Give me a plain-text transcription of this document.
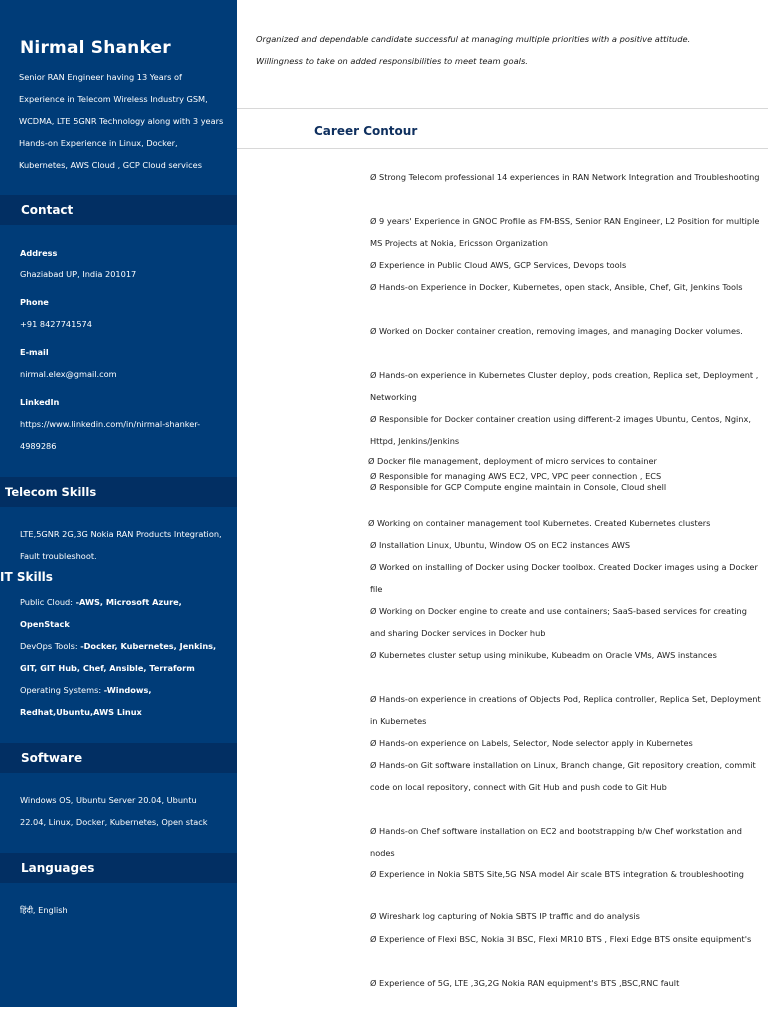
Nirmal Shanker
Senior RAN Engineer having 13 Years of Experience in Telecom Wireless Industry GSM, WCDMA, LTE 5GNR Technology along with 3 years Hands-on Experience in Linux, Docker, Kubernetes, AWS Cloud , GCP Cloud services
Contact
Address
Ghaziabad UP, India 201017
Phone
+91 8427741574
E-mail
nirmal.elex@gmail.com
LinkedIn
https://www.linkedin.com/in/nirmal-shanker-
4989286
Telecom Skills
LTE,5GNR 2G,3G Nokia RAN Products Integration, Fault troubleshoot.
IT Skills
Public Cloud: -AWS, Microsoft Azure, OpenStack
DevOps Tools: -Docker, Kubernetes, Jenkins, GIT, GIT Hub, Chef, Ansible, Terraform
Operating Systems: -Windows, Redhat,Ubuntu,AWS Linux
Software
Windows OS, Ubuntu Server 20.04, Ubuntu 22.04, Linux, Docker, Kubernetes, Open stack
Languages
हिंदी, English
Organized and dependable candidate successful at managing multiple priorities with a positive attitude.
Willingness to take on added responsibilities to meet team goals.
Career Contour
Ø Strong Telecom professional 14 experiences in RAN Network Integration and Troubleshooting
Ø 9 years' Experience in GNOC Profile as FM-BSS, Senior RAN Engineer, L2 Position for multiple MS Projects at Nokia, Ericsson Organization
Ø Experience in Public Cloud AWS, GCP Services, Devops tools
Ø Hands-on Experience in Docker, Kubernetes, open stack, Ansible, Chef, Git, Jenkins Tools
Ø Worked on Docker container creation, removing images, and managing Docker volumes.
Ø Hands-on experience in Kubernetes Cluster deploy, pods creation, Replica set, Deployment , Networking
Ø Responsible for Docker container creation using different-2 images Ubuntu, Centos, Nginx, Httpd, Jenkins/Jenkins
Ø Docker file management, deployment of micro services to container
Ø Responsible for managing AWS EC2, VPC, VPC peer connection , ECS
Ø Responsible for GCP Compute engine maintain in Console, Cloud shell
Ø Working on container management tool Kubernetes. Created Kubernetes clusters
Ø Installation Linux, Ubuntu, Window OS on EC2 instances AWS
Ø Worked on installing of Docker using Docker toolbox. Created Docker images using a Docker file
Ø Working on Docker engine to create and use containers; SaaS-based services for creating and sharing Docker services in Docker hub
Ø Kubernetes cluster setup using minikube, Kubeadm on Oracle VMs, AWS instances
Ø Hands-on experience in creations of Objects Pod, Replica controller, Replica Set, Deployment in Kubernetes
Ø Hands-on experience on Labels, Selector, Node selector apply in Kubernetes
Ø Hands-on Git software installation on Linux, Branch change, Git repository creation, commit code on local repository, connect with Git Hub and push code to Git Hub
Ø Hands-on Chef software installation on EC2 and bootstrapping b/w Chef workstation and nodes
Ø Experience in Nokia SBTS Site,5G NSA model Air scale BTS integration & troubleshooting
Ø Wireshark log capturing of Nokia SBTS IP traffic and do analysis
Ø Experience of Flexi BSC, Nokia 3I BSC, Flexi MR10 BTS , Flexi Edge BTS onsite equipment's
Ø Experience of 5G, LTE ,3G,2G Nokia RAN equipment's BTS ,BSC,RNC fault
